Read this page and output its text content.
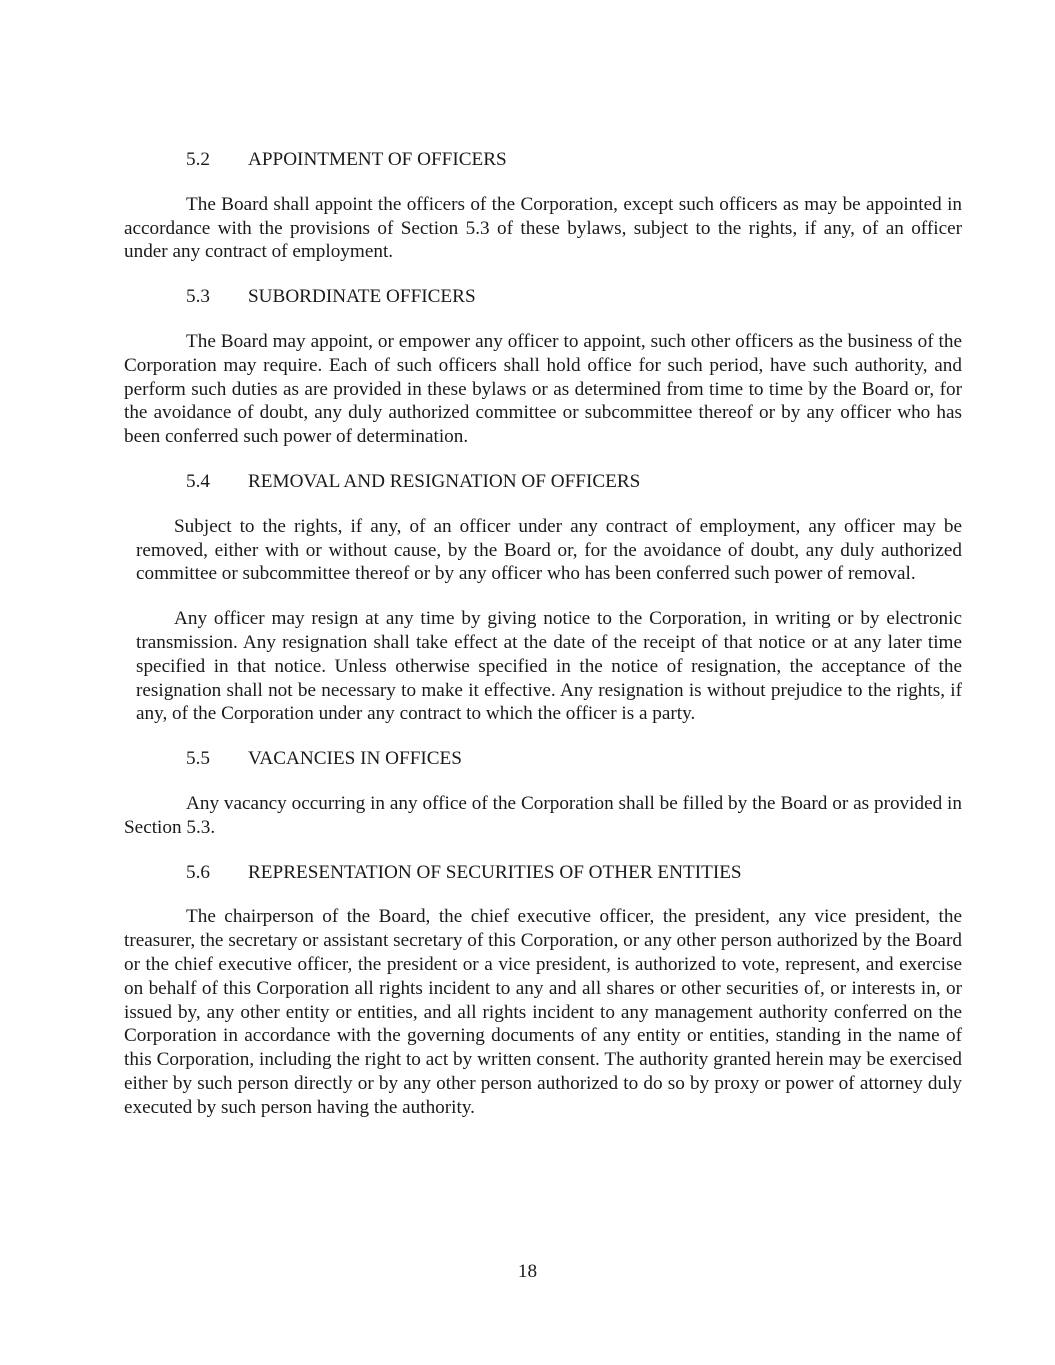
5.2 APPOINTMENT OF OFFICERS

The Board shall appoint the officers of the Corporation, except such officers as may be appointed in accordance with the provisions of Section 5.3 of these bylaws, subject to the rights, if any, of an officer under any contract of employment.

5.3 SUBORDINATE OFFICERS

The Board may appoint, or empower any officer to appoint, such other officers as the business of the Corporation may require. Each of such officers shall hold office for such period, have such authority, and perform such duties as are provided in these bylaws or as determined from time to time by the Board or, for the avoidance of doubt, any duly authorized committee or subcommittee thereof or by any officer who has been conferred such power of determination.

5.4 REMOVAL AND RESIGNATION OF OFFICERS

Subject to the rights, if any, of an officer under any contract of employment, any officer may be removed, either with or without cause, by the Board or, for the avoidance of doubt, any duly authorized committee or subcommittee thereof or by any officer who has been conferred such power of removal.

Any officer may resign at any time by giving notice to the Corporation, in writing or by electronic transmission. Any resignation shall take effect at the date of the receipt of that notice or at any later time specified in that notice. Unless otherwise specified in the notice of resignation, the acceptance of the resignation shall not be necessary to make it effective. Any resignation is without prejudice to the rights, if any, of the Corporation under any contract to which the officer is a party.

5.5 VACANCIES IN OFFICES

Any vacancy occurring in any office of the Corporation shall be filled by the Board or as provided in Section 5.3.

5.6 REPRESENTATION OF SECURITIES OF OTHER ENTITIES

The chairperson of the Board, the chief executive officer, the president, any vice president, the treasurer, the secretary or assistant secretary of this Corporation, or any other person authorized by the Board or the chief executive officer, the president or a vice president, is authorized to vote, represent, and exercise on behalf of this Corporation all rights incident to any and all shares or other securities of, or interests in, or issued by, any other entity or entities, and all rights incident to any management authority conferred on the Corporation in accordance with the governing documents of any entity or entities, standing in the name of this Corporation, including the right to act by written consent. The authority granted herein may be exercised either by such person directly or by any other person authorized to do so by proxy or power of attorney duly executed by such person having the authority.

18
